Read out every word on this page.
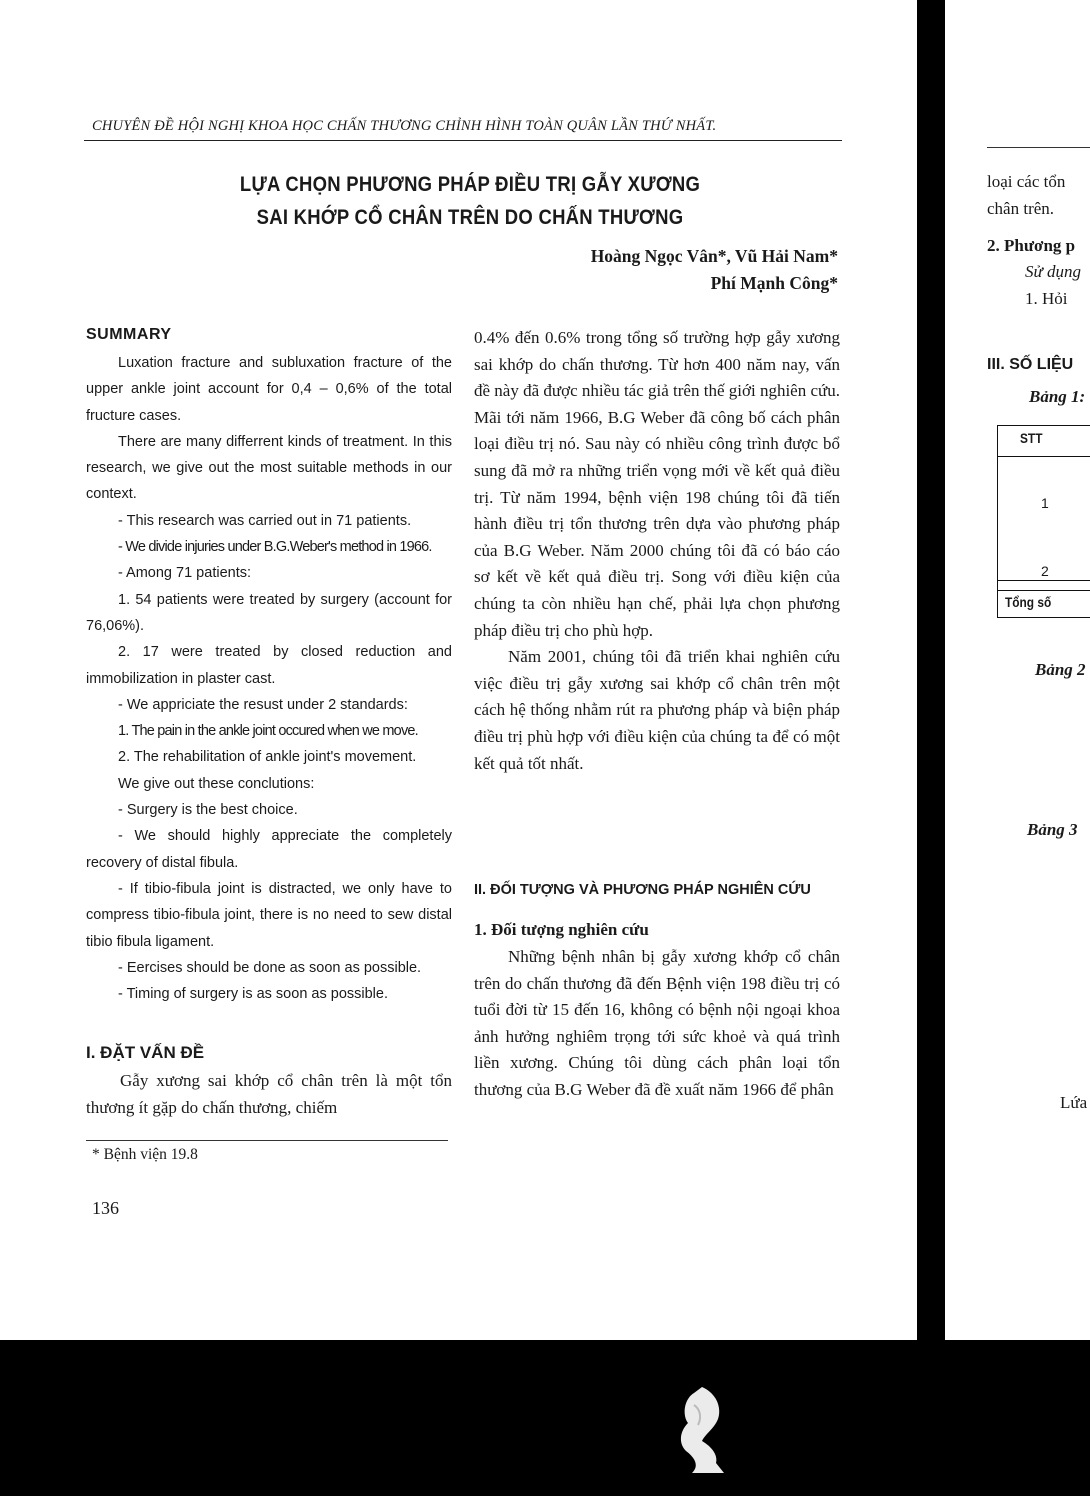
CHUYÊN ĐỀ HỘI NGHỊ KHOA HỌC CHẤN THƯƠNG CHỈNH HÌNH TOÀN QUÂN LẦN THỨ NHẤT.
LỰA CHỌN PHƯƠNG PHÁP ĐIỀU TRỊ GẪY XƯƠNG
SAI KHỚP CỔ CHÂN TRÊN DO CHẤN THƯƠNG
Hoàng Ngọc Vân*, Vũ Hải Nam*
Phí Mạnh Công*
SUMMARY

Luxation fracture and subluxation fracture of the upper ankle joint account for 0,4 – 0,6% of the total fructure cases.

There are many differrent kinds of treatment. In this research, we give out the most suitable methods in our context.

- This research was carried out in 71 patients.

- We divide injuries under B.G.Weber's method in 1966.

- Among 71 patients:

1. 54 patients were treated by surgery (account for 76,06%).

2. 17 were treated by closed reduction and immobilization in plaster cast.

- We appriciate the resust under 2 standards:

1. The pain in the ankle joint occured when we move.

2. The rehabilitation of ankle joint's movement.

We give out these conclutions:

- Surgery is the best choice.

- We should highly appreciate the completely recovery of distal fibula.

- If tibio-fibula joint is distracted, we only have to compress tibio-fibula joint, there is no need to sew distal tibio fibula ligament.

- Eercises should be done as soon as possible.

- Timing of surgery is as soon as possible.

I. ĐẶT VẤN ĐỀ

Gẫy xương sai khớp cổ chân trên là một tổn thương ít gặp do chấn thương, chiếm

* Bệnh viện 19.8
136

0.4% đến 0.6% trong tổng số trường hợp gẫy xương sai khớp do chấn thương. Từ hơn 400 năm nay, vấn đề này đã được nhiều tác giả trên thế giới nghiên cứu. Mãi tới năm 1966, B.G Weber đã công bố cách phân loại điều trị nó. Sau này có nhiều công trình được bổ sung đã mở ra những triển vọng mới về kết quả điều trị. Từ năm 1994, bệnh viện 198 chúng tôi đã tiến hành điều trị tổn thương trên dựa vào phương pháp của B.G Weber. Năm 2000 chúng tôi đã có báo cáo sơ kết về kết quả điều trị. Song với điều kiện của chúng ta còn nhiều hạn chế, phải lựa chọn phương pháp điều trị cho phù hợp.

Năm 2001, chúng tôi đã triển khai nghiên cứu việc điều trị gẫy xương sai khớp cổ chân trên một cách hệ thống nhằm rút ra phương pháp và biện pháp điều trị phù hợp với điều kiện của chúng ta để có một kết quả tốt nhất.

II. ĐỐI TƯỢNG VÀ PHƯƠNG PHÁP NGHIÊN CỨU
1. Đối tượng nghiên cứu

Những bệnh nhân bị gẫy xương khớp cổ chân trên do chấn thương đã đến Bệnh viện 198 điều trị có tuổi đời từ 15 đến 16, không có bệnh nội ngoại khoa ảnh hưởng nghiêm trọng tới sức khoẻ và quá trình liền xương. Chúng tôi dùng cách phân loại tổn thương của B.G Weber đã đề xuất năm 1966 để phân

loại các tổn
chân trên.
2. Phương p
Sử dụng
1. Hỏi
III. SỐ LIỆU
Bảng 1:
STT
1
2
Tổng số
Bảng 2
Bảng 3
Lứa
